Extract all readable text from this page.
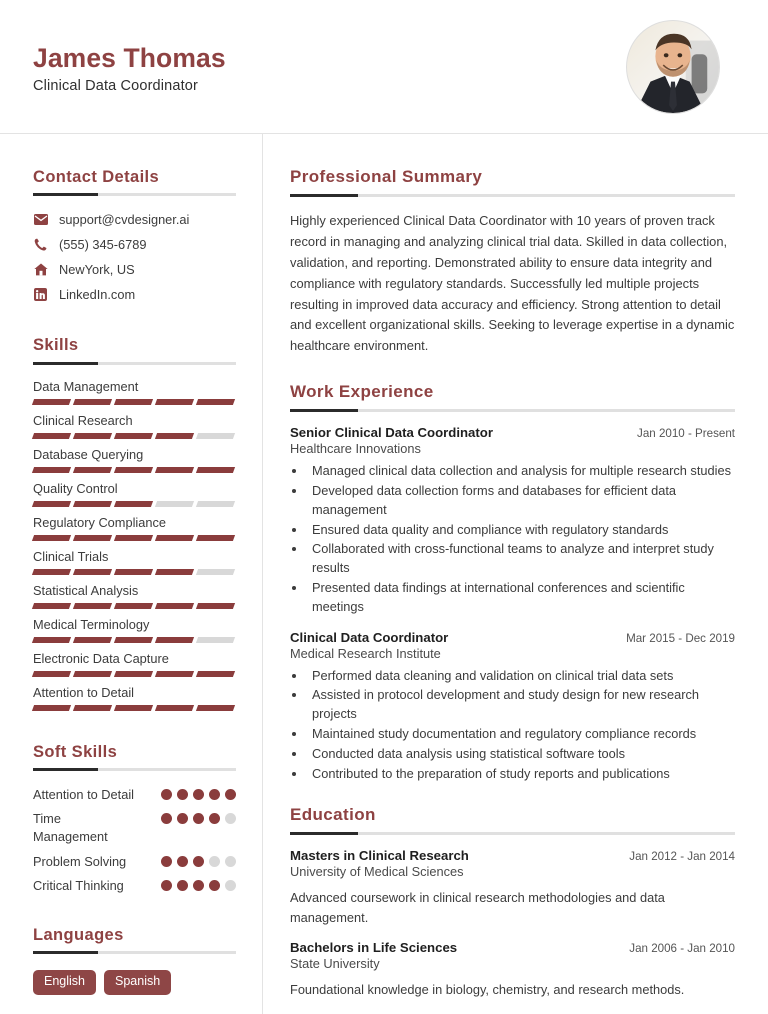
James Thomas
Clinical Data Coordinator
Contact Details
support@cvdesigner.ai
(555) 345-6789
NewYork, US
LinkedIn.com
Skills
Data Management
Clinical Research
Database Querying
Quality Control
Regulatory Compliance
Clinical Trials
Statistical Analysis
Medical Terminology
Electronic Data Capture
Attention to Detail
Soft Skills
Attention to Detail
Time Management
Problem Solving
Critical Thinking
Languages
English	Spanish
Professional Summary

Highly experienced Clinical Data Coordinator with 10 years of proven track record in managing and analyzing clinical trial data. Skilled in data collection, validation, and reporting. Demonstrated ability to ensure data integrity and compliance with regulatory standards. Successfully led multiple projects resulting in improved data accuracy and efficiency. Strong attention to detail and excellent organizational skills. Seeking to leverage expertise in a dynamic healthcare environment.

Work Experience
Senior Clinical Data Coordinator	Jan 2010 - Present
Healthcare Innovations
• Managed clinical data collection and analysis for multiple research studies
• Developed data collection forms and databases for efficient data management
• Ensured data quality and compliance with regulatory standards
• Collaborated with cross-functional teams to analyze and interpret study results
• Presented data findings at international conferences and scientific meetings
Clinical Data Coordinator	Mar 2015 - Dec 2019
Medical Research Institute
• Performed data cleaning and validation on clinical trial data sets
• Assisted in protocol development and study design for new research projects
• Maintained study documentation and regulatory compliance records
• Conducted data analysis using statistical software tools
• Contributed to the preparation of study reports and publications
Education
Masters in Clinical Research	Jan 2012 - Jan 2014
University of Medical Sciences
Advanced coursework in clinical research methodologies and data management.
Bachelors in Life Sciences	Jan 2006 - Jan 2010
State University
Foundational knowledge in biology, chemistry, and research methods.
